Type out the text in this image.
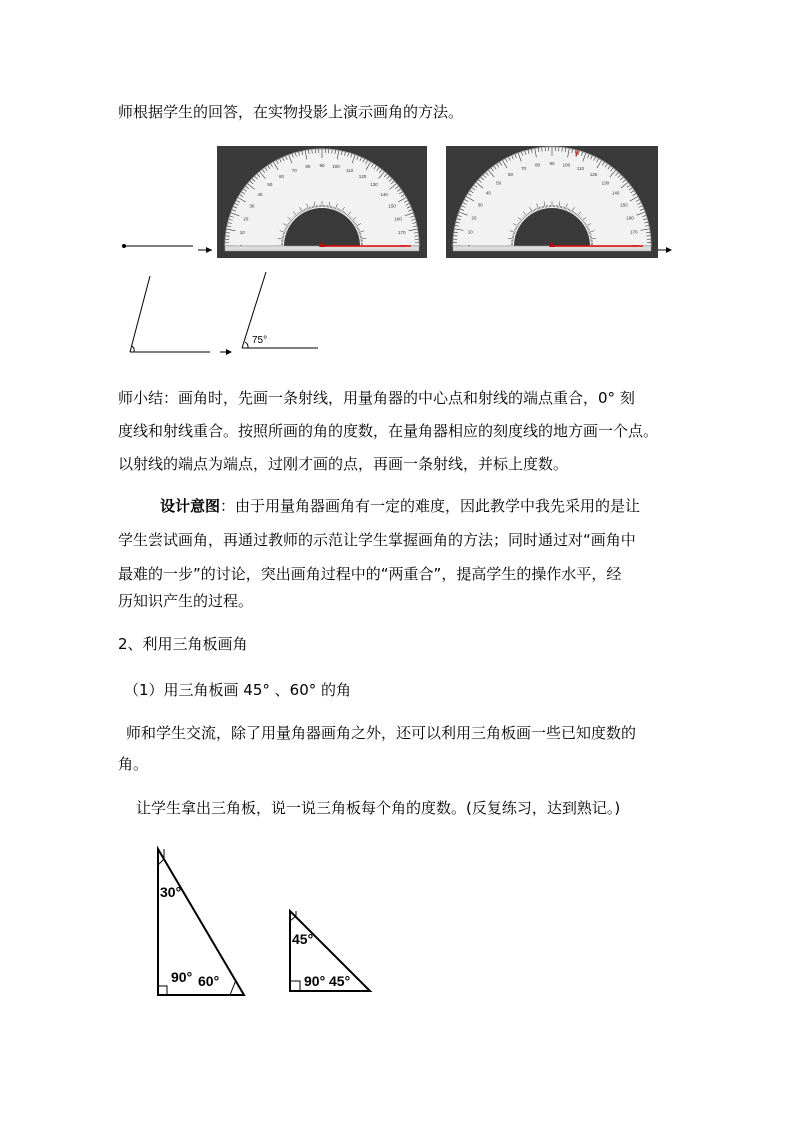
师根据学生的回答，在实物投影上演示画角的方法。
10
20
30
40
50
60
70
80 90 100
110
120
130
140
150
160
170	10
20
30
40
50
60
70
80 90 100
110
120
130
140
150
160
170
75°
师小结：画角时，先画一条射线，用量角器的中心点和射线的端点重合，0° 刻
度线和射线重合。按照所画的角的度数，在量角器相应的刻度线的地方画一个点。
以射线的端点为端点，过刚才画的点，再画一条射线，并标上度数。
设计意图：由于用量角器画角有一定的难度，因此教学中我先采用的是让
学生尝试画角，再通过教师的示范让学生掌握画角的方法；同时通过对“画角中
最难的一步”的讨论，突出画角过程中的“两重合”，提高学生的操作水平，经
历知识产生的过程。
2、利用三角板画角
（1）用三角板画 45° 、60° 的角
师和学生交流，除了用量角器画角之外，还可以利用三角板画一些已知度数的
角。
让学生拿出三角板，说一说三角板每个角的度数。(反复练习，达到熟记。)
30°
90° 60°
45°
90° 45°
